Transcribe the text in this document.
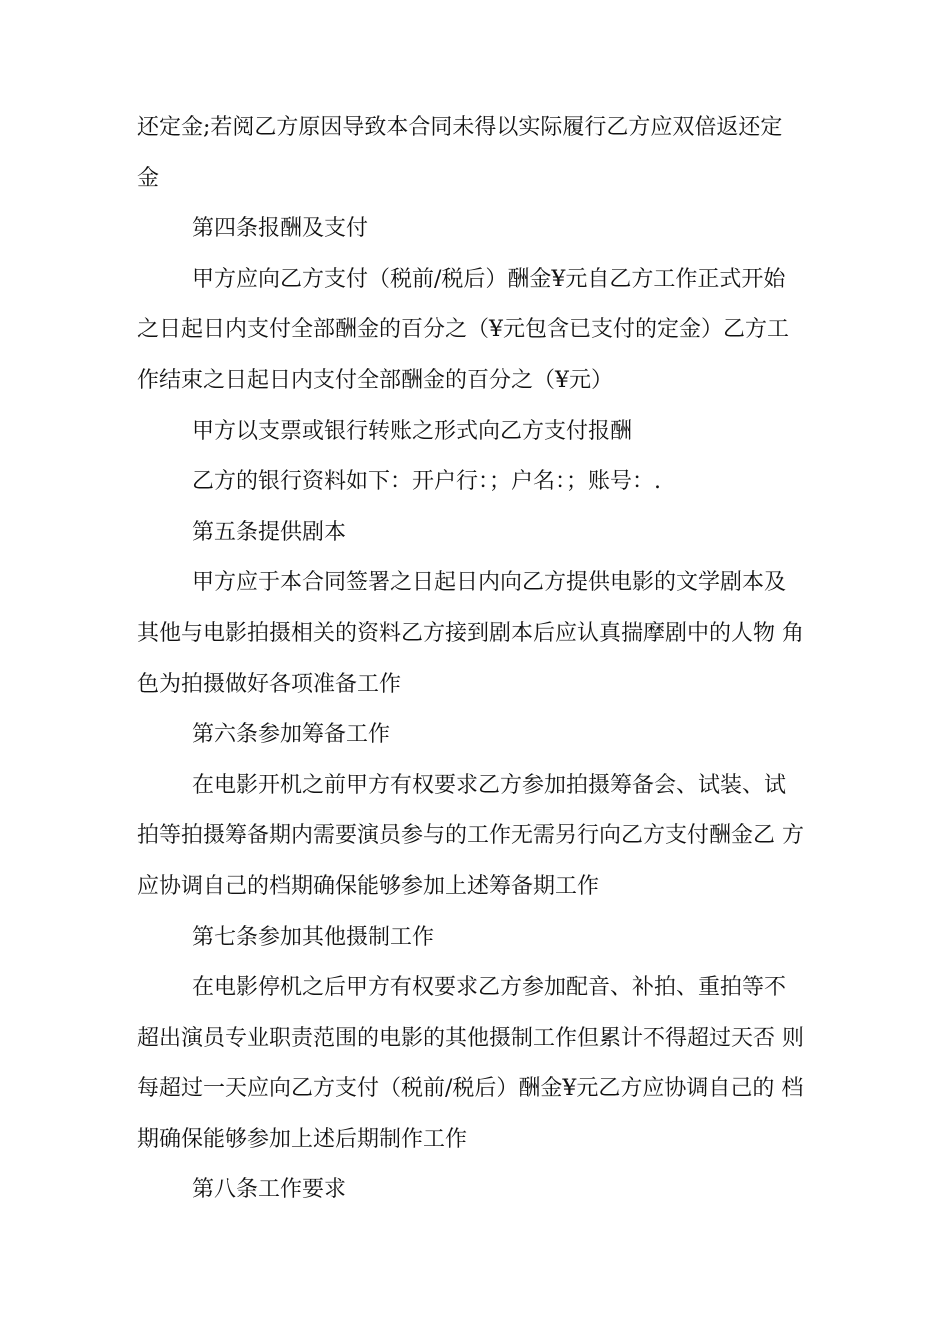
还定金;若阅乙方原因导致本合同未得以实际履行乙方应双倍返还定
金

第四条报酬及支付

甲方应向乙方支付（税前/税后）酬金¥元自乙方工作正式开始
之日起日内支付全部酬金的百分之（¥元包含已支付的定金）乙方工
作结束之日起日内支付全部酬金的百分之（¥元）

甲方以支票或银行转账之形式向乙方支付报酬

乙方的银行资料如下：开户行：；户名：；账号：.

第五条提供剧本

甲方应于本合同签署之日起日内向乙方提供电影的文学剧本及
其他与电影拍摄相关的资料乙方接到剧本后应认真揣摩剧中的人物 角
色为拍摄做好各项准备工作

第六条参加筹备工作

在电影开机之前甲方有权要求乙方参加拍摄筹备会、试装、试
拍等拍摄筹备期内需要演员参与的工作无需另行向乙方支付酬金乙 方
应协调自己的档期确保能够参加上述筹备期工作

第七条参加其他摄制工作

在电影停机之后甲方有权要求乙方参加配音、补拍、重拍等不
超出演员专业职责范围的电影的其他摄制工作但累计不得超过天否 则
每超过一天应向乙方支付（税前/税后）酬金¥元乙方应协调自己的 档
期确保能够参加上述后期制作工作

第八条工作要求
